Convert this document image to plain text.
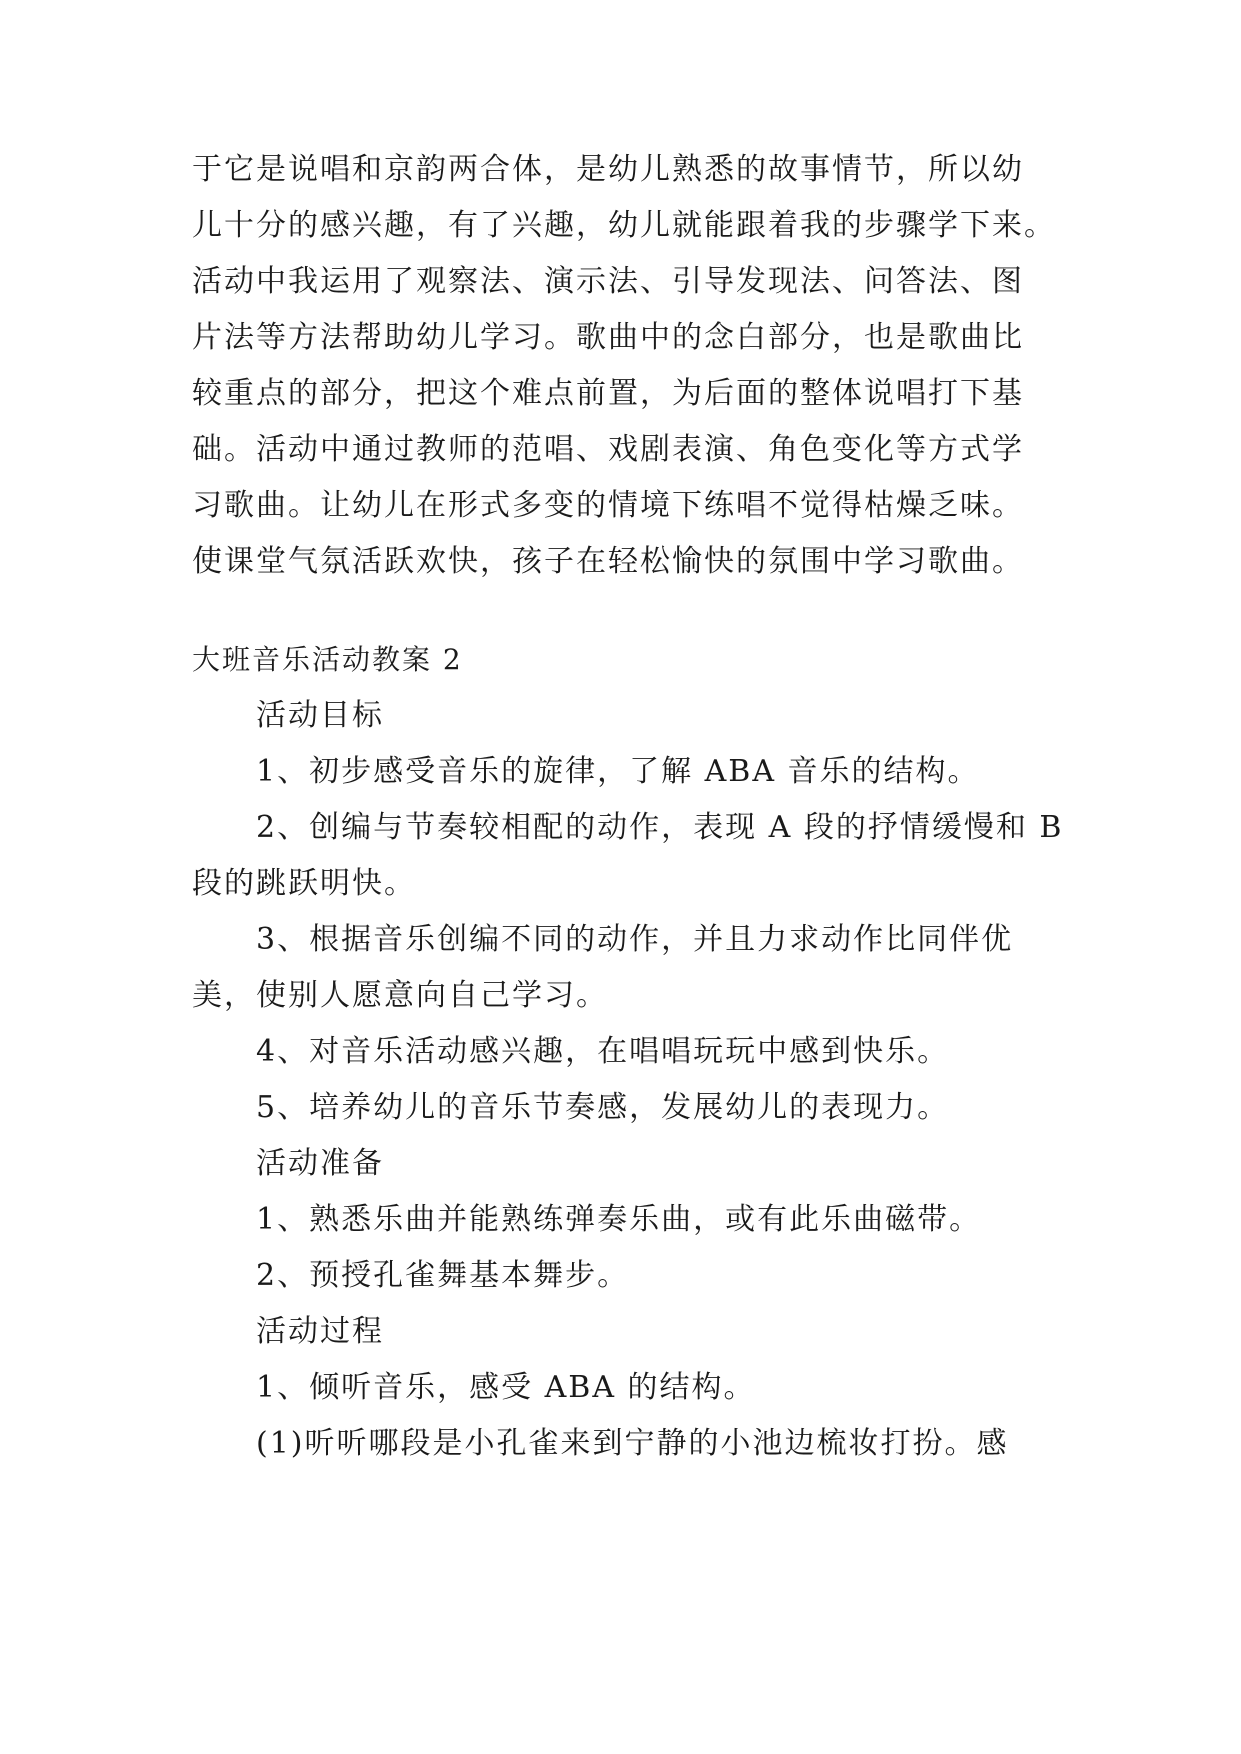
于它是说唱和京韵两合体，是幼儿熟悉的故事情节，所以幼
儿十分的感兴趣，有了兴趣，幼儿就能跟着我的步骤学下来。
活动中我运用了观察法、演示法、引导发现法、问答法、图
片法等方法帮助幼儿学习。歌曲中的念白部分，也是歌曲比
较重点的部分，把这个难点前置，为后面的整体说唱打下基
础。活动中通过教师的范唱、戏剧表演、角色变化等方式学
习歌曲。让幼儿在形式多变的情境下练唱不觉得枯燥乏味。
使课堂气氛活跃欢快，孩子在轻松愉快的氛围中学习歌曲。
大班音乐活动教案 2
活动目标
1、初步感受音乐的旋律，了解 ABA 音乐的结构。
2、创编与节奏较相配的动作，表现 A 段的抒情缓慢和 B
段的跳跃明快。
3、根据音乐创编不同的动作，并且力求动作比同伴优
美，使别人愿意向自己学习。
4、对音乐活动感兴趣，在唱唱玩玩中感到快乐。
5、培养幼儿的音乐节奏感，发展幼儿的表现力。
活动准备
1、熟悉乐曲并能熟练弹奏乐曲，或有此乐曲磁带。
2、预授孔雀舞基本舞步。
活动过程
1、倾听音乐，感受 ABA 的结构。
(1)听听哪段是小孔雀来到宁静的小池边梳妆打扮。感
